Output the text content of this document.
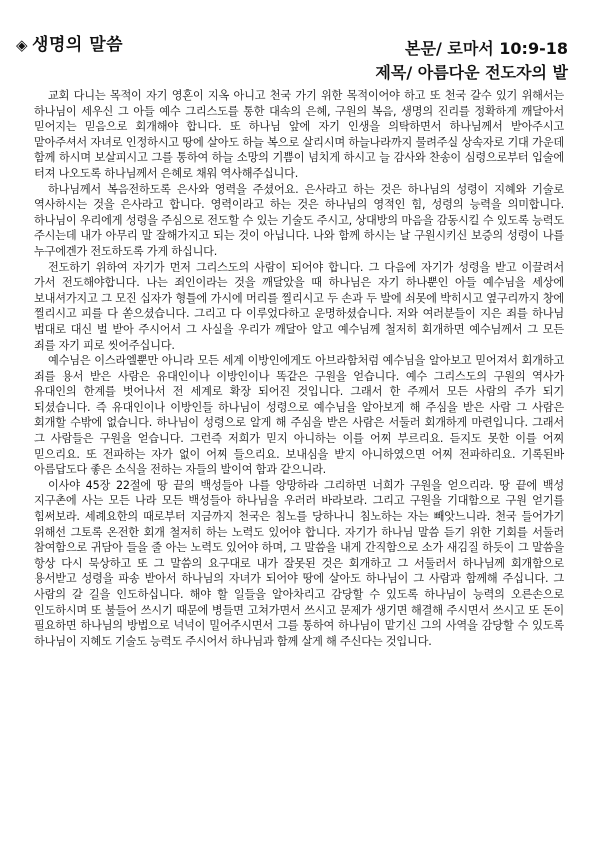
◈ 생명의 말씀	본문/ 로마서 10:9-18
제목/ 아름다운 전도자의 발

교회 다니는 목적이 자기 영혼이 지옥 아니고 천국 가기 위한 목적이어야 하고 또 천국 갈수 있기 위해서는 하나님이 세우신 그 아들 예수 그리스도를 통한 대속의 은혜, 구원의 복음, 생명의 진리를 정확하게 깨달아서 믿어지는 믿음으로 회개해야 합니다. 또 하나님 앞에 자기 인생을 의탁하면서 하나님께서 받아주시고 맡아주셔서 자녀로 인정하시고 땅에 살아도 하늘 복으로 살리시며 하늘나라까지 물려주실 상속자로 기대 가운데 함께 하시며 보살피시고 그를 통하여 하늘 소망의 기쁨이 넘치게 하시고 늘 감사와 찬송이 심령으로부터 입술에 터져 나오도록 하나님께서 은혜로 채워 역사해주십니다.

하나님께서 복음전하도록 은사와 영력을 주셨어요. 은사라고 하는 것은 하나님의 성령이 지혜와 기술로 역사하시는 것을 은사라고 합니다. 영력이라고 하는 것은 하나님의 영적인 힘, 성령의 능력을 의미합니다. 하나님이 우리에게 성령을 주심으로 전도할 수 있는 기술도 주시고, 상대방의 마음을 감동시킬 수 있도록 능력도 주시는데 내가 아무리 말 잘해가지고 되는 것이 아닙니다. 나와 함께 하시는 날 구원시키신 보증의 성령이 나를 누구에겐가 전도하도록 가게 하십니다.

전도하기 위하여 자기가 먼저 그리스도의 사람이 되어야 합니다. 그 다음에 자기가 성령을 받고 이끌려서 가서 전도해야합니다. 나는 죄인이라는 것을 깨달았을 때 하나님은 자기 하나뿐인 아들 예수님을 세상에 보내셔가지고 그 모진 십자가 형틀에 가시에 머리를 찔리시고 두 손과 두 발에 쇠못에 박히시고 옆구리까지 창에 찔리시고 피를 다 쏟으셨습니다. 그리고 다 이루었다하고 운명하셨습니다. 저와 여러분들이 지은 죄를 하나님 법대로 대신 벌 받아 주시어서 그 사실을 우리가 깨달아 알고 예수님께 철저히 회개하면 예수님께서 그 모든 죄를 자기 피로 씻어주십니다.

예수님은 이스라엘뿐만 아니라 모든 세계 이방인에게도 아브라함처럼 예수님을 알아보고 믿어져서 회개하고 죄를 용서 받은 사람은 유대인이나 이방인이나 똑같은 구원을 얻습니다. 예수 그리스도의 구원의 역사가 유대인의 한계를 벗어나서 전 세계로 확장 되어진 것입니다. 그래서 한 주께서 모든 사람의 주가 되기 되셨습니다. 즉 유대인이나 이방인들 하나님이 성령으로 예수님을 알아보게 해 주심을 받은 사람 그 사람은 회개할 수밖에 없습니다. 하나님이 성령으로 알게 해 주심을 받은 사람은 서둘러 회개하게 마련입니다. 그래서 그 사람들은 구원을 얻습니다. 그런즉 저희가 믿지 아니하는 이를 어찌 부르리요. 듣지도 못한 이를 어찌 믿으리요. 또 전파하는 자가 없이 어찌 들으리요. 보내심을 받지 아니하였으면 어찌 전파하리요. 기록된바 아름답도다 좋은 소식을 전하는 자들의 발이여 함과 같으니라.

이사야 45장 22절에 땅 끝의 백성들아 나를 앙망하라 그리하면 너희가 구원을 얻으리라. 땅 끝에 백성 지구촌에 사는 모든 나라 모든 백성들아 하나님을 우러러 바라보라. 그리고 구원을 기대함으로 구원 얻기를 힘써보라. 세례요한의 때로부터 지금까지 천국은 침노를 당하나니 침노하는 자는 빼앗느니라. 천국 들어가기 위해선 그토록 온전한 회개 철저히 하는 노력도 있어야 합니다. 자기가 하나님 말씀 듣기 위한 기회를 서둘러 참여함으로 귀담아 들을 줄 아는 노력도 있어야 하며, 그 말씀을 내게 간직함으로 소가 새김질 하듯이 그 말씀을 항상 다시 묵상하고 또 그 말씀의 요구대로 내가 잘못된 것은 회개하고 그 서둘러서 하나님께 회개함으로 용서받고 성령을 파송 받아서 하나님의 자녀가 되어야 땅에 살아도 하나님이 그 사람과 함께해 주십니다. 그 사람의 갈 길을 인도하십니다. 해야 할 일들을 알아차리고 감당할 수 있도록 하나님이 능력의 오른손으로 인도하시며 또 불들어 쓰시기 때문에 병들면 고쳐가면서 쓰시고 문제가 생기면 해결해 주시면서 쓰시고 또 돈이 필요하면 하나님의 방법으로 넉넉이 밀어주시면서 그를 통하여 하나님이 맡기신 그의 사역을 감당할 수 있도록 하나님이 지혜도 기술도 능력도 주시어서 하나님과 함께 살게 해 주신다는 것입니다.
